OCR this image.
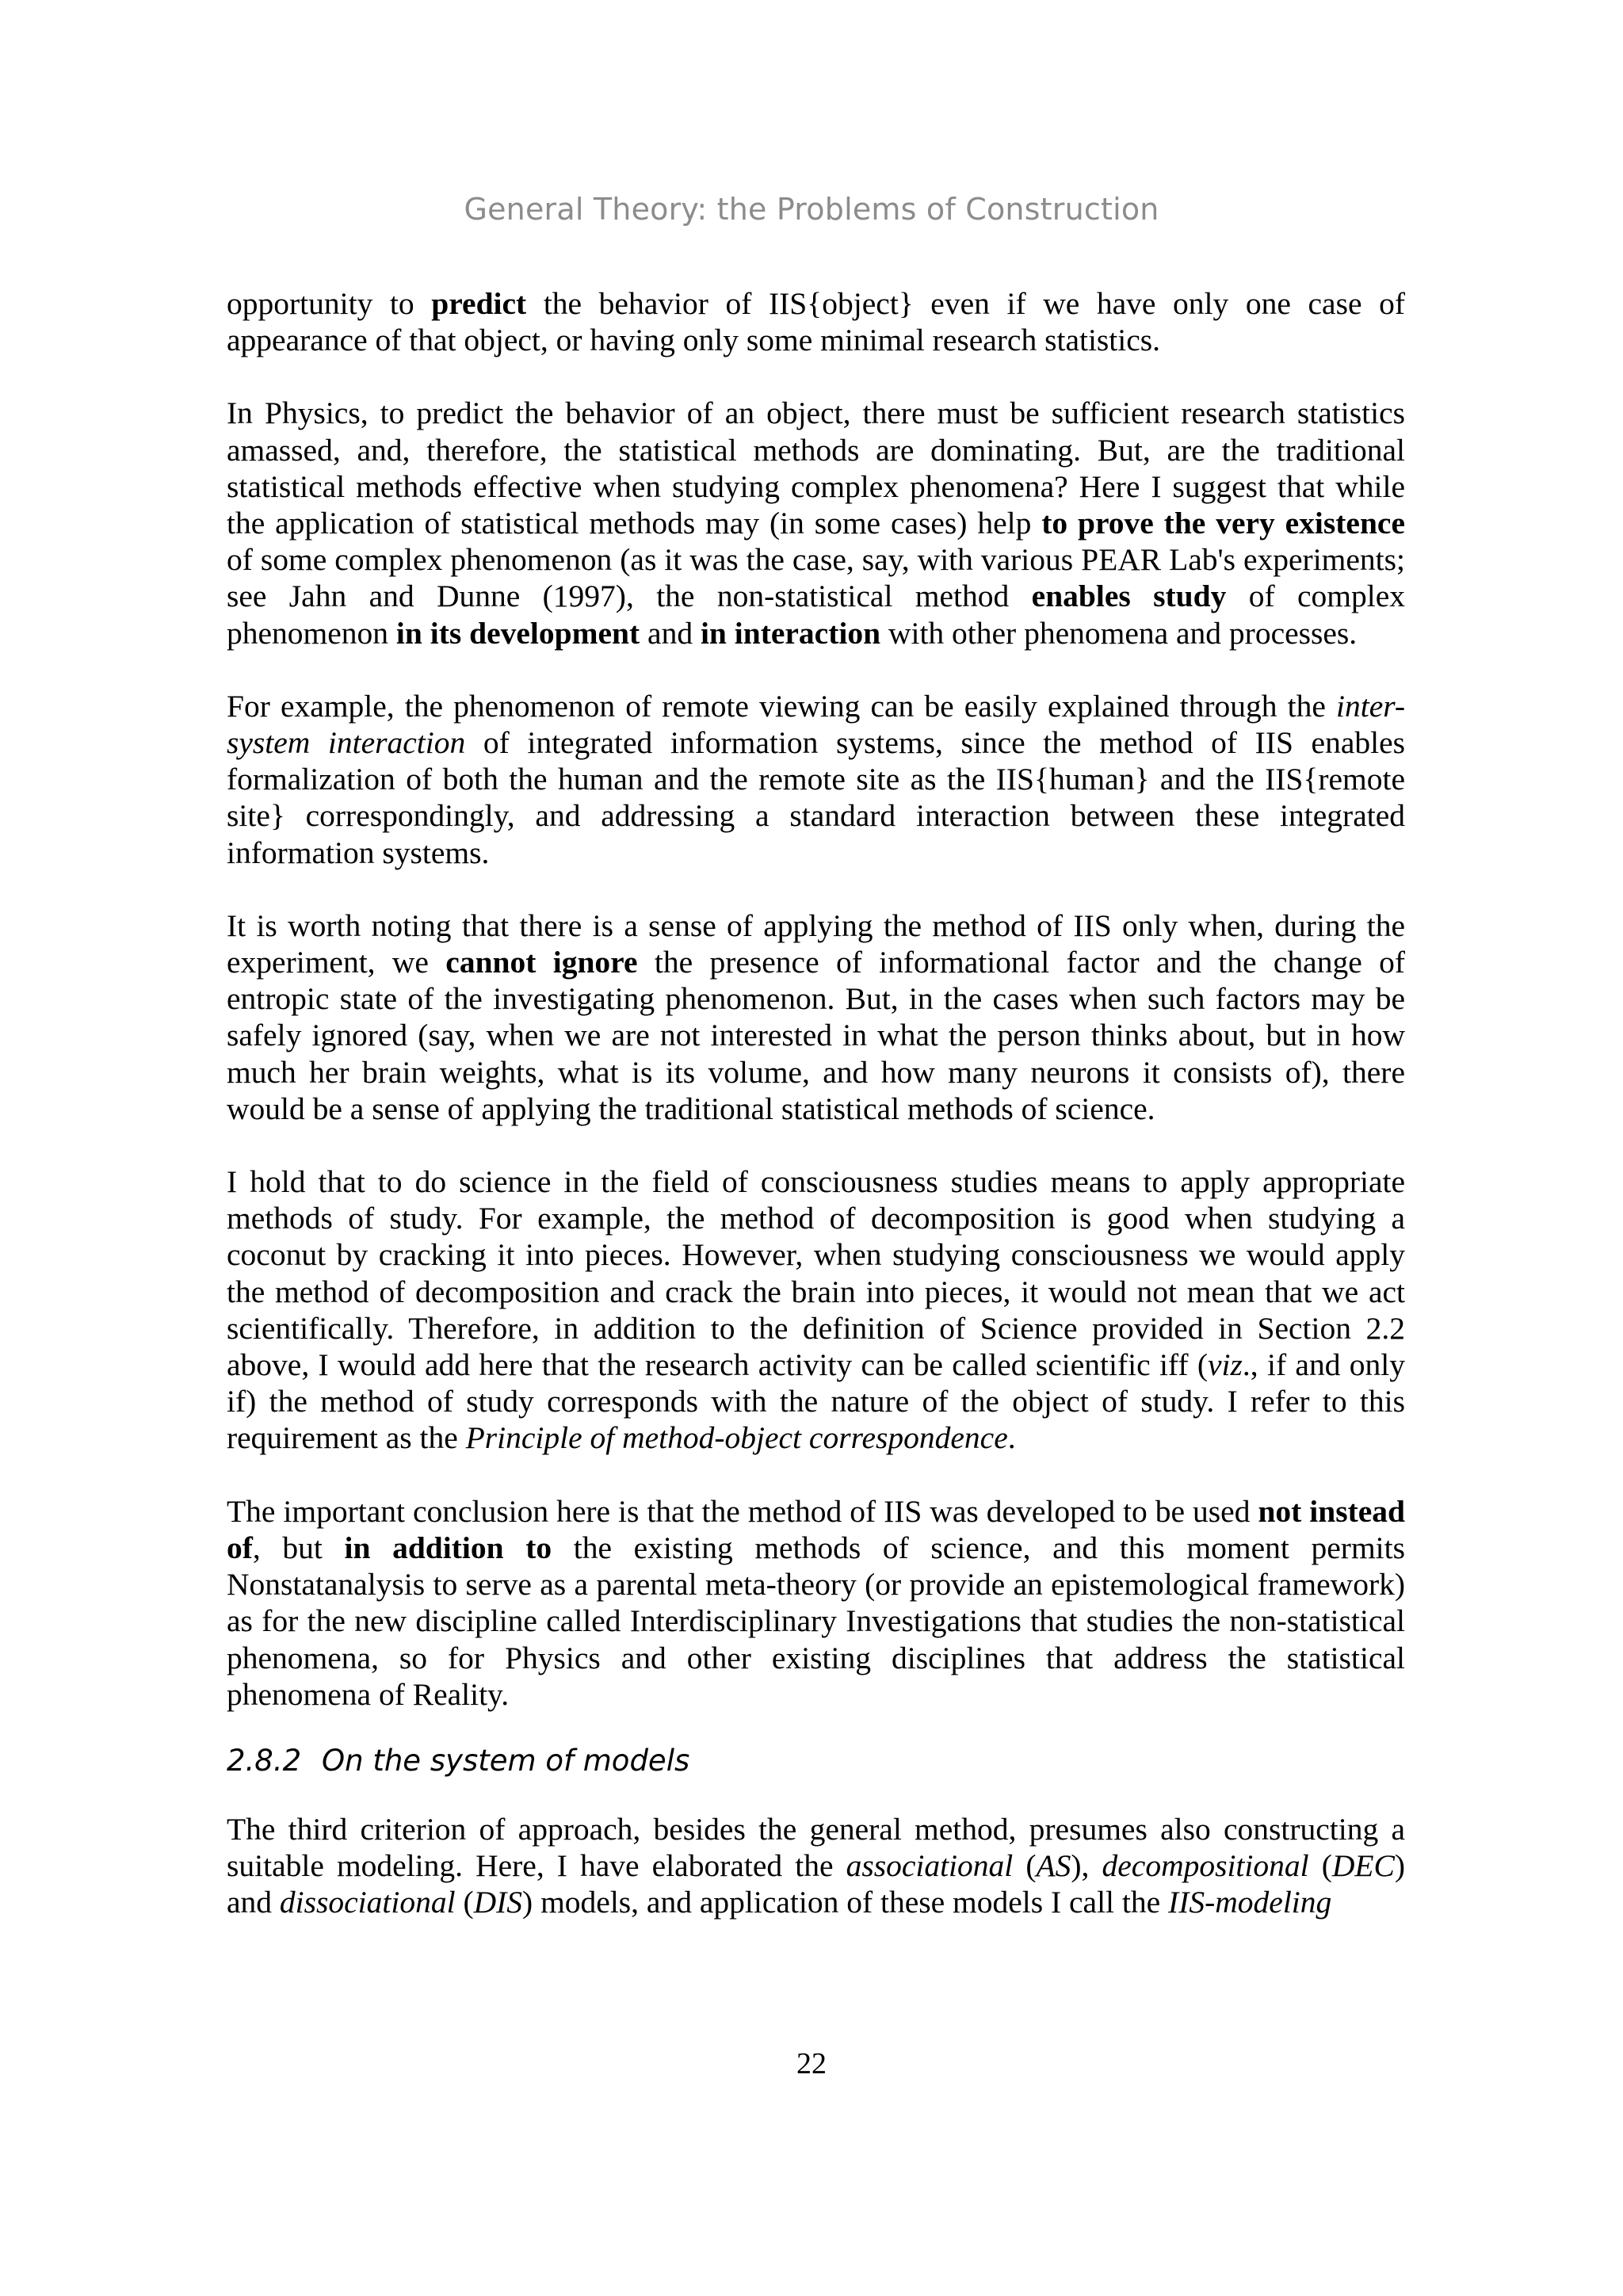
General Theory: the Problems of Construction

opportunity to predict the behavior of IIS{object} even if we have only one case of appearance of that object, or having only some minimal research statistics.

In Physics, to predict the behavior of an object, there must be sufficient research statistics amassed, and, therefore, the statistical methods are dominating. But, are the traditional statistical methods effective when studying complex phenomena? Here I suggest that while the application of statistical methods may (in some cases) help to prove the very existence of some complex phenomenon (as it was the case, say, with various PEAR Lab's experiments; see Jahn and Dunne (1997), the non-statistical method enables study of complex phenomenon in its development and in interaction with other phenomena and processes.

For example, the phenomenon of remote viewing can be easily explained through the inter-system interaction of integrated information systems, since the method of IIS enables formalization of both the human and the remote site as the IIS{human} and the IIS{remote site} correspondingly, and addressing a standard interaction between these integrated information systems.

It is worth noting that there is a sense of applying the method of IIS only when, during the experiment, we cannot ignore the presence of informational factor and the change of entropic state of the investigating phenomenon. But, in the cases when such factors may be safely ignored (say, when we are not interested in what the person thinks about, but in how much her brain weights, what is its volume, and how many neurons it consists of), there would be a sense of applying the traditional statistical methods of science.

I hold that to do science in the field of consciousness studies means to apply appropriate methods of study. For example, the method of decomposition is good when studying a coconut by cracking it into pieces. However, when studying consciousness we would apply the method of decomposition and crack the brain into pieces, it would not mean that we act scientifically. Therefore, in addition to the definition of Science provided in Section 2.2 above, I would add here that the research activity can be called scientific iff (viz., if and only if) the method of study corresponds with the nature of the object of study. I refer to this requirement as the Principle of method-object correspondence.

The important conclusion here is that the method of IIS was developed to be used not instead of, but in addition to the existing methods of science, and this moment permits Nonstatanalysis to serve as a parental meta-theory (or provide an epistemological framework) as for the new discipline called Interdisciplinary Investigations that studies the non-statistical phenomena, so for Physics and other existing disciplines that address the statistical phenomena of Reality.

2.8.2 On the system of models

The third criterion of approach, besides the general method, presumes also constructing a suitable modeling. Here, I have elaborated the associational (AS), decompositional (DEC) and dissociational (DIS) models, and application of these models I call the IIS-modeling

22
